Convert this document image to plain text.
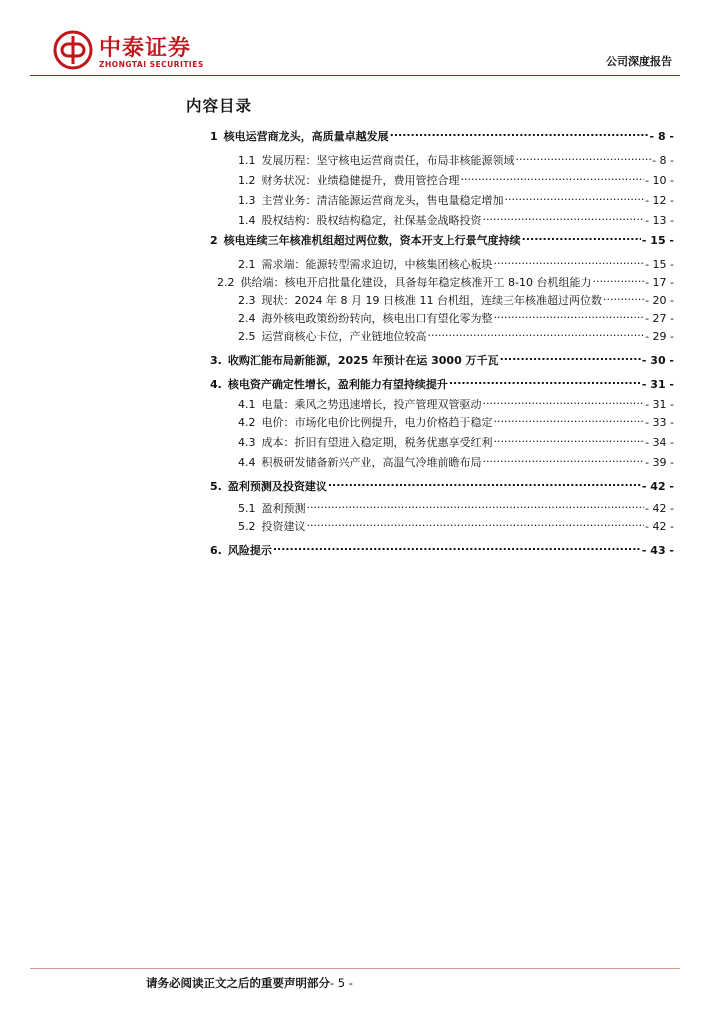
中泰证券
ZHONGTAI SECURITIES	公司深度报告
内容目录
1 核电运营商龙头，高质量卓越发展 .....	- 8 -
1.1 发展历程：坚守核电运营商责任，布局非核能源领域 .....	- 8 -
1.2 财务状况：业绩稳健提升，费用管控合理 .....	- 10 -
1.3 主营业务：清洁能源运营商龙头，售电量稳定增加 .....	- 12 -
1.4 股权结构：股权结构稳定，社保基金战略投资 .....	- 13 -
2 核电连续三年核准机组超过两位数，资本开支上行景气度持续 .....	- 15 -
2.1 需求端：能源转型需求迫切，中核集团核心板块 .....	- 15 -
2.2 供给端：核电开启批量化建设，具备每年稳定核准开工 8-10 台机组能力 .....	- 17 -
2.3 现状：2024 年 8 月 19 日核准 11 台机组，连续三年核准超过两位数 .....	- 20 -
2.4 海外核电政策纷纷转向，核电出口有望化零为整 .....	- 27 -
2.5 运营商核心卡位，产业链地位较高 .....	- 29 -
3. 收购汇能布局新能源，2025 年预计在运 3000 万千瓦 .....	- 30 -
4. 核电资产确定性增长，盈利能力有望持续提升 .....	- 31 -
4.1 电量：乘风之势迅速增长，投产管理双管驱动 .....	- 31 -
4.2 电价：市场化电价比例提升，电力价格趋于稳定 .....	- 33 -
4.3 成本：折旧有望进入稳定期，税务优惠享受红利 .....	- 34 -
4.4 积极研发储备新兴产业，高温气冷堆前瞻布局 .....	- 39 -
5. 盈利预测及投资建议 .....	- 42 -
5.1 盈利预测 .....	- 42 -
5.2 投资建议 .....	- 42 -
6. 风险提示 .....	- 43 -
请务必阅读正文之后的重要声明部分- 5 -
